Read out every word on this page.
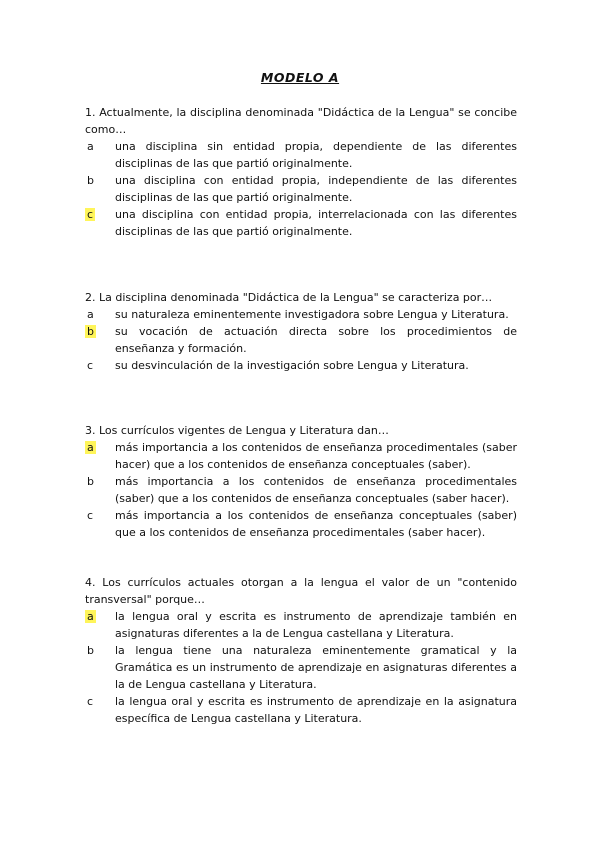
MODELO A

1. Actualmente, la disciplina denominada "Didáctica de la Lengua" se concibe como…

a	una disciplina sin entidad propia, dependiente de las diferentes disciplinas de las que partió originalmente.
b	una disciplina con entidad propia, independiente de las diferentes disciplinas de las que partió originalmente.
c	una disciplina con entidad propia, interrelacionada con las diferentes disciplinas de las que partió originalmente.

2. La disciplina denominada "Didáctica de la Lengua" se caracteriza por…

a	su naturaleza eminentemente investigadora sobre Lengua y Literatura.
b	su vocación de actuación directa sobre los procedimientos de enseñanza y formación.
c	su desvinculación de la investigación sobre Lengua y Literatura.

3. Los currículos vigentes de Lengua y Literatura dan…

a	más importancia a los contenidos de enseñanza procedimentales (saber hacer) que a los contenidos de enseñanza conceptuales (saber).
b	más importancia a los contenidos de enseñanza procedimentales (saber) que a los contenidos de enseñanza conceptuales (saber hacer).
c	más importancia a los contenidos de enseñanza conceptuales (saber) que a los contenidos de enseñanza procedimentales (saber hacer).

4. Los currículos actuales otorgan a la lengua el valor de un "contenido transversal" porque…

a	la lengua oral y escrita es instrumento de aprendizaje también en asignaturas diferentes a la de Lengua castellana y Literatura.
b	la lengua tiene una naturaleza eminentemente gramatical y la Gramática es un instrumento de aprendizaje en asignaturas diferentes a la de Lengua castellana y Literatura.
c	la lengua oral y escrita es instrumento de aprendizaje en la asignatura específica de Lengua castellana y Literatura.
